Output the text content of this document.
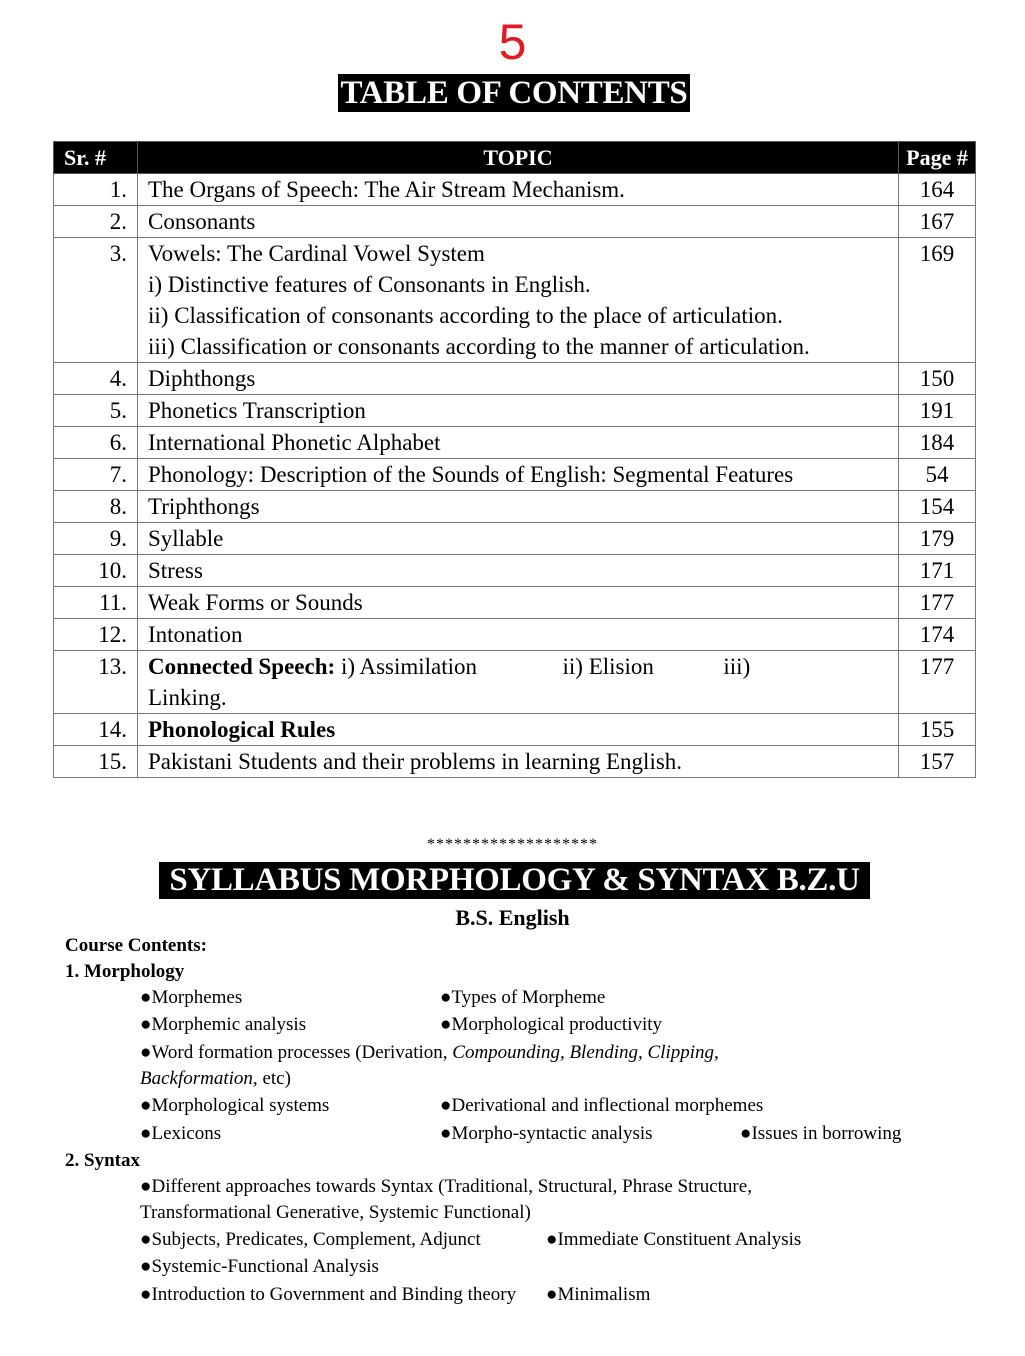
5
TABLE OF CONTENTS
Sr. #	TOPIC	Page #
1.	The Organs of Speech: The Air Stream Mechanism.	164
2.	Consonants	167
3.	Vowels: The Cardinal Vowel System
i) Distinctive features of Consonants in English.
ii) Classification of consonants according to the place of articulation.
iii) Classification or consonants according to the manner of articulation.	169
4.	Diphthongs	150
5.	Phonetics Transcription	191
6.	International Phonetic Alphabet	184
7.	Phonology: Description of the Sounds of English: Segmental Features	54
8.	Triphthongs	154
9.	Syllable	179
10.	Stress	171
11.	Weak Forms or Sounds	177
12.	Intonation	174
13.	Connected Speech: i) Assimilation ii) Elision iii)
Linking.	177
14.	Phonological Rules	155
15.	Pakistani Students and their problems in learning English.	157
*******************
SYLLABUS MORPHOLOGY & SYNTAX B.Z.U
B.S. English
Course Contents:
1. Morphology
●Morphemes	●Types of Morpheme
●Morphemic analysis	●Morphological productivity
●Word formation processes (Derivation, Compounding, Blending, Clipping,
Backformation, etc)
●Morphological systems	●Derivational and inflectional morphemes
●Lexicons	●Morpho-syntactic analysis	●Issues in borrowing
2. Syntax
●Different approaches towards Syntax (Traditional, Structural, Phrase Structure,
Transformational Generative, Systemic Functional)
●Subjects, Predicates, Complement, Adjunct	●Immediate Constituent Analysis
●Systemic-Functional Analysis
●Introduction to Government and Binding theory ●Minimalism
